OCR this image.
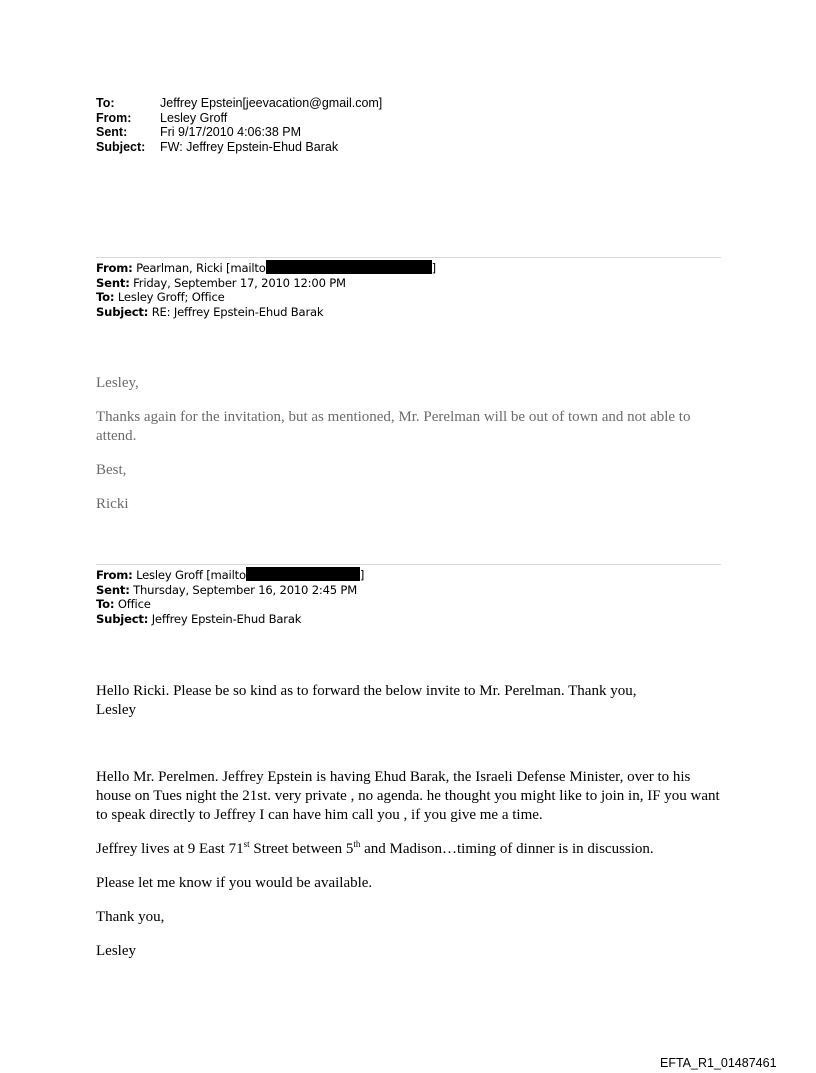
To:	Jeffrey Epstein[jeevacation@gmail.com]
From:	Lesley Groff
Sent:	Fri 9/17/2010 4:06:38 PM
Subject:	FW: Jeffrey Epstein-Ehud Barak
From: Pearlman, Ricki [mailto	]
Sent: Friday, September 17, 2010 12:00 PM
To: Lesley Groff; Office
Subject: RE: Jeffrey Epstein-Ehud Barak

Lesley,

Thanks again for the invitation, but as mentioned, Mr. Perelman will be out of town and not able to attend.

Best,

Ricki

From: Lesley Groff [mailto	]
Sent: Thursday, September 16, 2010 2:45 PM
To: Office
Subject: Jeffrey Epstein-Ehud Barak

Hello Ricki. Please be so kind as to forward the below invite to Mr. Perelman. Thank you,

Lesley

Hello Mr. Perelmen. Jeffrey Epstein is having Ehud Barak, the Israeli Defense Minister, over to his house on Tues night the 21st. very private , no agenda. he thought you might like to join in, IF you want to speak directly to Jeffrey I can have him call you , if you give me a time.

Jeffrey lives at 9 East 71st Street between 5th and Madison…timing of dinner is in discussion.

Please let me know if you would be available.

Thank you,

Lesley

EFTA_R1_01487461
